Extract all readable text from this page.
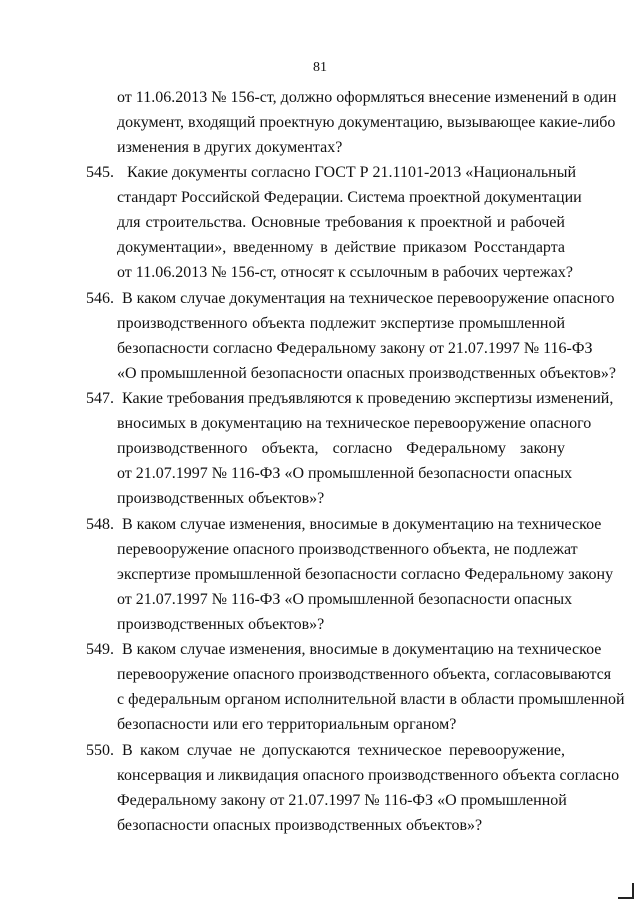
81
от 11.06.2013 № 156-ст, должно оформляться внесение изменений в один
документ, входящий проектную документацию, вызывающее какие-либо
изменения в других документах?
545. Какие документы согласно ГОСТ Р 21.1101-2013 «Национальный
стандарт Российской Федерации. Система проектной документации
для строительства. Основные требования к проектной и рабочей
документации», введенному в действие приказом Росстандарта
от 11.06.2013 № 156-ст, относят к ссылочным в рабочих чертежах?
546. В каком случае документация на техническое перевооружение опасного
производственного объекта подлежит экспертизе промышленной
безопасности согласно Федеральному закону от 21.07.1997 № 116-ФЗ
«О промышленной безопасности опасных производственных объектов»?
547. Какие требования предъявляются к проведению экспертизы изменений,
вносимых в документацию на техническое перевооружение опасного
производственного объекта, согласно Федеральному закону
от 21.07.1997 № 116-ФЗ «О промышленной безопасности опасных
производственных объектов»?
548. В каком случае изменения, вносимые в документацию на техническое
перевооружение опасного производственного объекта, не подлежат
экспертизе промышленной безопасности согласно Федеральному закону
от 21.07.1997 № 116-ФЗ «О промышленной безопасности опасных
производственных объектов»?
549. В каком случае изменения, вносимые в документацию на техническое
перевооружение опасного производственного объекта, согласовываются
с федеральным органом исполнительной власти в области промышленной
безопасности или его территориальным органом?
550. В каком случае не допускаются техническое перевооружение,
консервация и ликвидация опасного производственного объекта согласно
Федеральному закону от 21.07.1997 № 116-ФЗ «О промышленной
безопасности опасных производственных объектов»?
